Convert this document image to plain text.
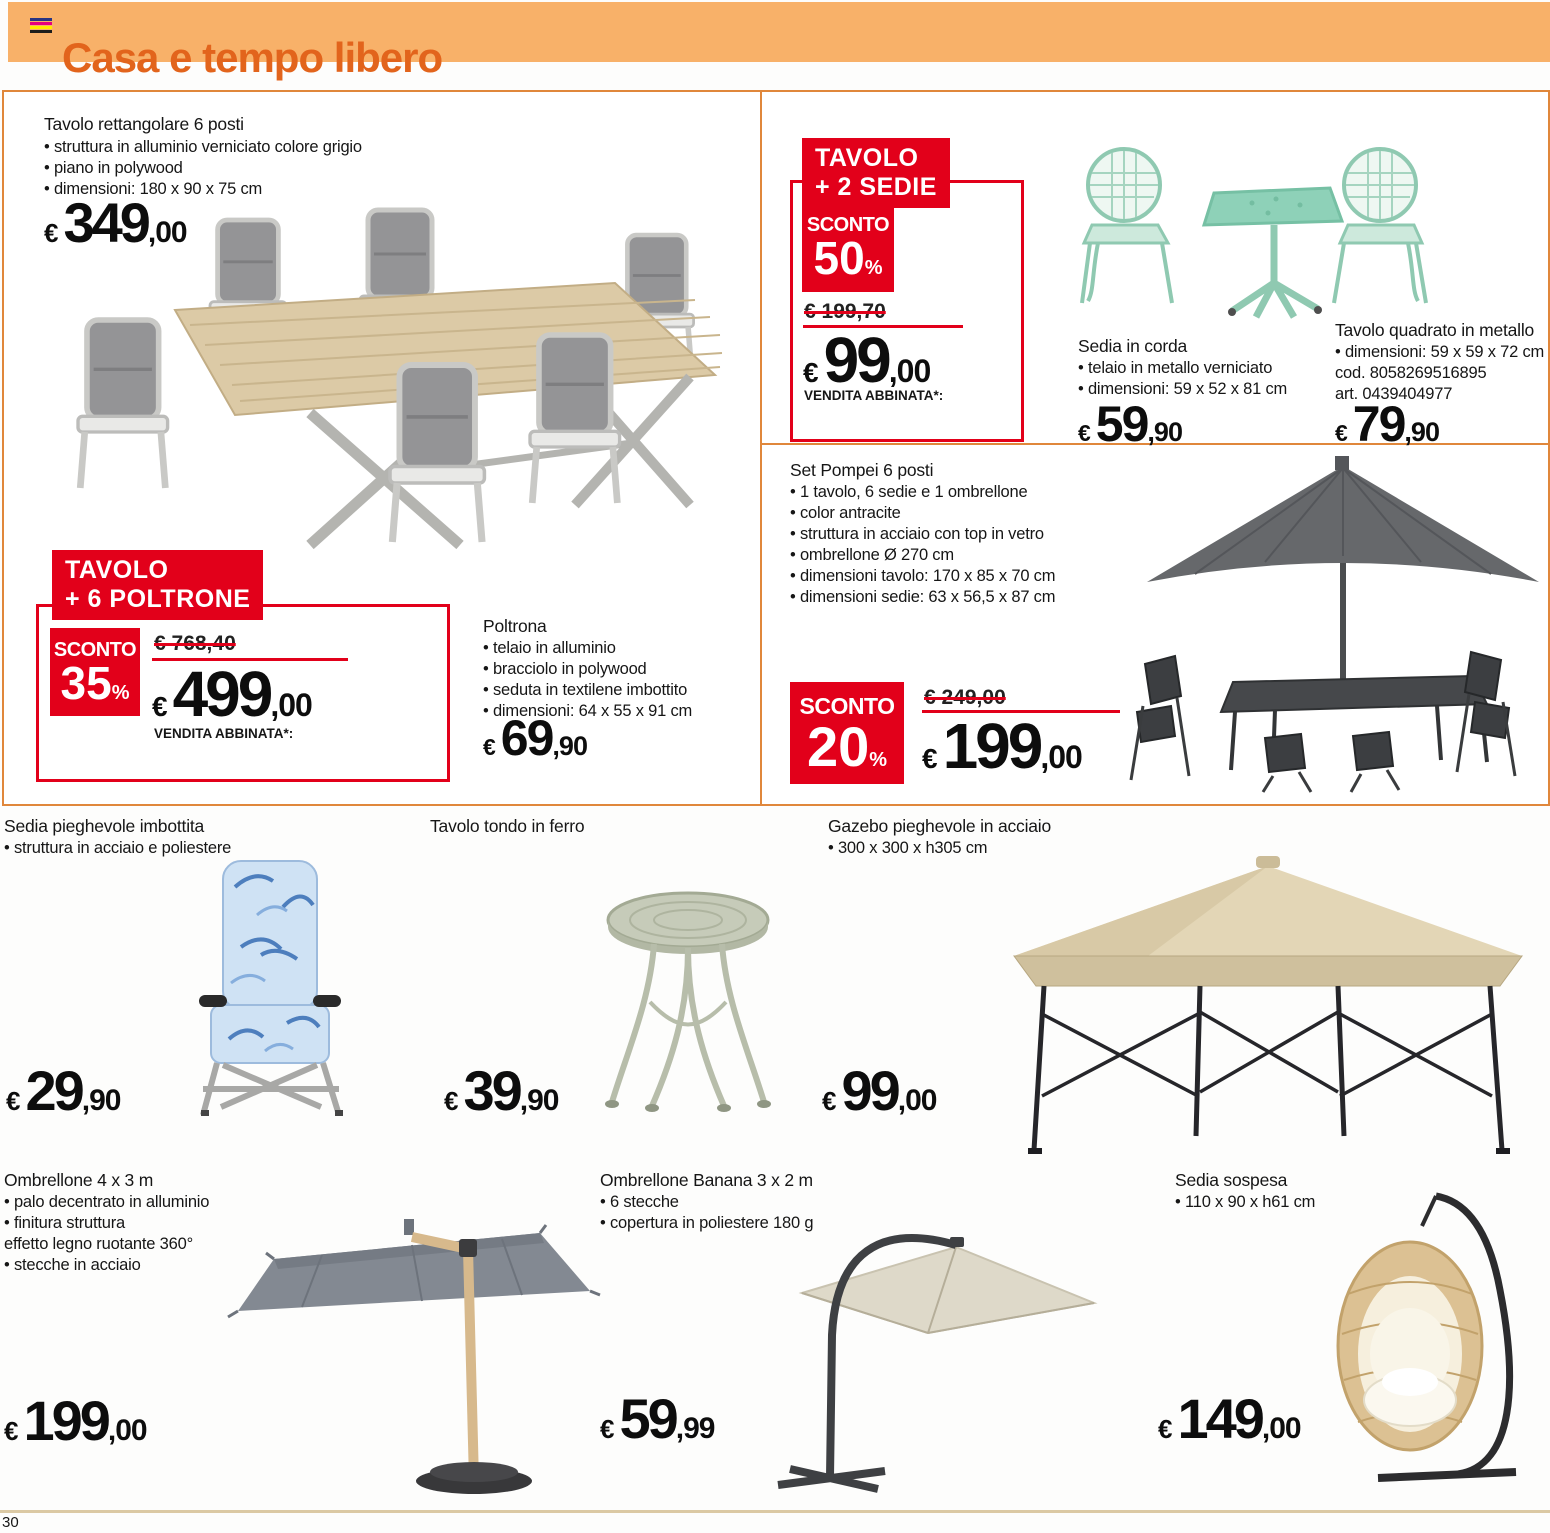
Casa e tempo libero
Tavolo rettangolare 6 posti
• struttura in alluminio verniciato colore grigio
• piano in polywood
• dimensioni: 180 x 90 x 75 cm
€ 349 ,00
TAVOLO
+ 6 POLTRONE
SCONTO
35 %
€ 768,40
€ 499 ,00
VENDITA ABBINATA*:
Poltrona
• telaio in alluminio
• bracciolo in polywood
• seduta in textilene imbottito
• dimensioni: 64 x 55 x 91 cm
€ 69 ,90
TAVOLO
+ 2 SEDIE
SCONTO
50 %
€ 199,70
€ 99 ,00
VENDITA ABBINATA*:
Sedia in corda
• telaio in metallo verniciato
• dimensioni: 59 x 52 x 81 cm
€ 59 ,90
Tavolo quadrato in metallo
• dimensioni: 59 x 59 x 72 cm
cod. 8058269516895
art. 0439404977
€ 79 ,90
Set Pompei 6 posti
• 1 tavolo, 6 sedie e 1 ombrellone
• color antracite
• struttura in acciaio con top in vetro
• ombrellone Ø 270 cm
• dimensioni tavolo: 170 x 85 x 70 cm
• dimensioni sedie: 63 x 56,5 x 87 cm
SCONTO
20 %
€ 249,00
€ 199 ,00
Sedia pieghevole imbottita
• struttura in acciaio e poliestere
€ 29 ,90
Tavolo tondo in ferro
€ 39 ,90
Gazebo pieghevole in acciaio
• 300 x 300 x h305 cm
€ 99 ,00
Ombrellone 4 x 3 m
• palo decentrato in alluminio
• finitura struttura
effetto legno ruotante 360°
• stecche in acciaio
€ 199 ,00
Ombrellone Banana 3 x 2 m
• 6 stecche
• copertura in poliestere 180 g
€ 59 ,99
Sedia sospesa
• 110 x 90 x h61 cm
€ 149 ,00
30
